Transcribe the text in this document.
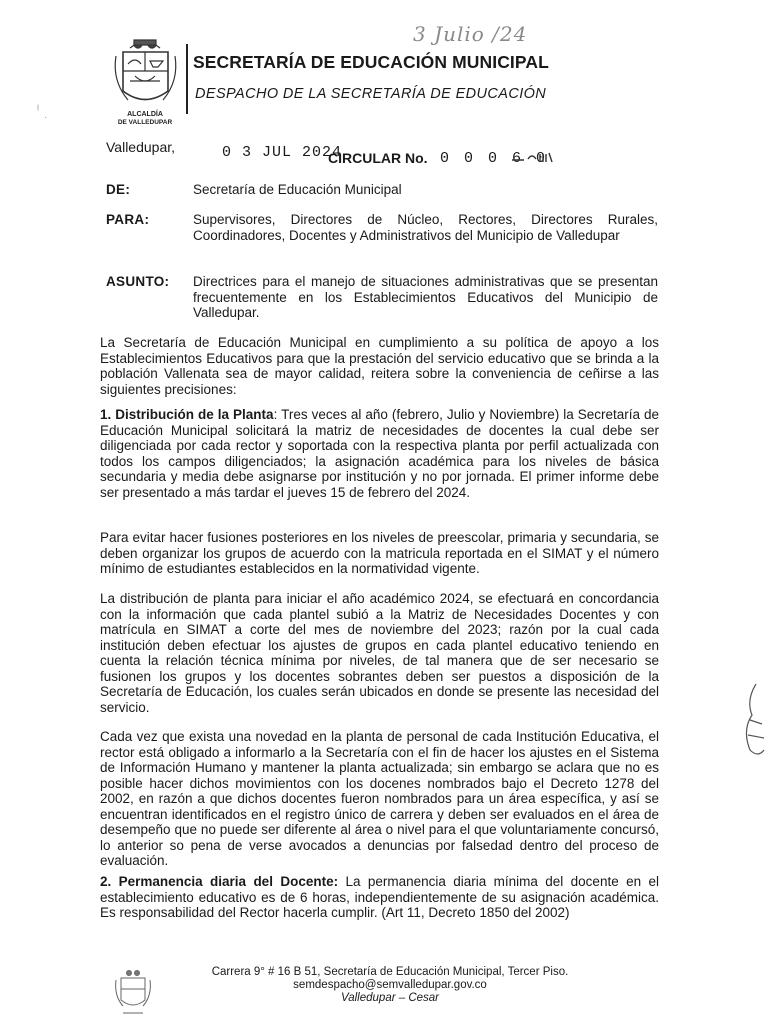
ALCALDÍA
DE VALLEDUPAR
SECRETARÍA DE EDUCACIÓN MUNICIPAL
DESPACHO DE LA SECRETARÍA DE EDUCACIÓN
3 Julio /24
╷
·
Valledupar,	0 3 JUL 2024
CIRCULAR No. 0 0 0 6 0
DE:	Secretaría de Educación Municipal
PARA:	Supervisores, Directores de Núcleo, Rectores, Directores Rurales, Coordinadores, Docentes y Administrativos del Municipio de Valledupar
ASUNTO: Directrices para el manejo de situaciones administrativas que se presentan frecuentemente en los Establecimientos Educativos del Municipio de Valledupar.
La Secretaría de Educación Municipal en cumplimiento a su política de apoyo a los Establecimientos Educativos para que la prestación del servicio educativo que se brinda a la población Vallenata sea de mayor calidad, reitera sobre la conveniencia de ceñirse a las siguientes precisiones:
1. Distribución de la Planta: Tres veces al año (febrero, Julio y Noviembre) la Secretaría de Educación Municipal solicitará la matriz de necesidades de docentes la cual debe ser diligenciada por cada rector y soportada con la respectiva planta por perfil actualizada con todos los campos diligenciados; la asignación académica para los niveles de básica secundaria y media debe asignarse por institución y no por jornada. El primer informe debe ser presentado a más tardar el jueves 15 de febrero del 2024.
Para evitar hacer fusiones posteriores en los niveles de preescolar, primaria y secundaria, se deben organizar los grupos de acuerdo con la matricula reportada en el SIMAT y el número mínimo de estudiantes establecidos en la normatividad vigente.
La distribución de planta para iniciar el año académico 2024, se efectuará en concordancia con la información que cada plantel subió a la Matriz de Necesidades Docentes y con matrícula en SIMAT a corte del mes de noviembre del 2023; razón por la cual cada institución deben efectuar los ajustes de grupos en cada plantel educativo teniendo en cuenta la relación técnica mínima por niveles, de tal manera que de ser necesario se fusionen los grupos y los docentes sobrantes deben ser puestos a disposición de la Secretaría de Educación, los cuales serán ubicados en donde se presente las necesidad del servicio.
Cada vez que exista una novedad en la planta de personal de cada Institución Educativa, el rector está obligado a informarlo a la Secretaría con el fin de hacer los ajustes en el Sistema de Información Humano y mantener la planta actualizada; sin embargo se aclara que no es posible hacer dichos movimientos con los docenes nombrados bajo el Decreto 1278 del 2002, en razón a que dichos docentes fueron nombrados para un área específica, y así se encuentran identificados en el registro único de carrera y deben ser evaluados en el área de desempeño que no puede ser diferente al área o nivel para el que voluntariamente concursó, lo anterior so pena de verse avocados a denuncias por falsedad dentro del proceso de evaluación.
2. Permanencia diaria del Docente: La permanencia diaria mínima del docente en el establecimiento educativo es de 6 horas, independientemente de su asignación académica. Es responsabilidad del Rector hacerla cumplir. (Art 11, Decreto 1850 del 2002)
Carrera 9° # 16 B 51, Secretaría de Educación Municipal, Tercer Piso.
semdespacho@semvalledupar.gov.co
Valledupar – Cesar
